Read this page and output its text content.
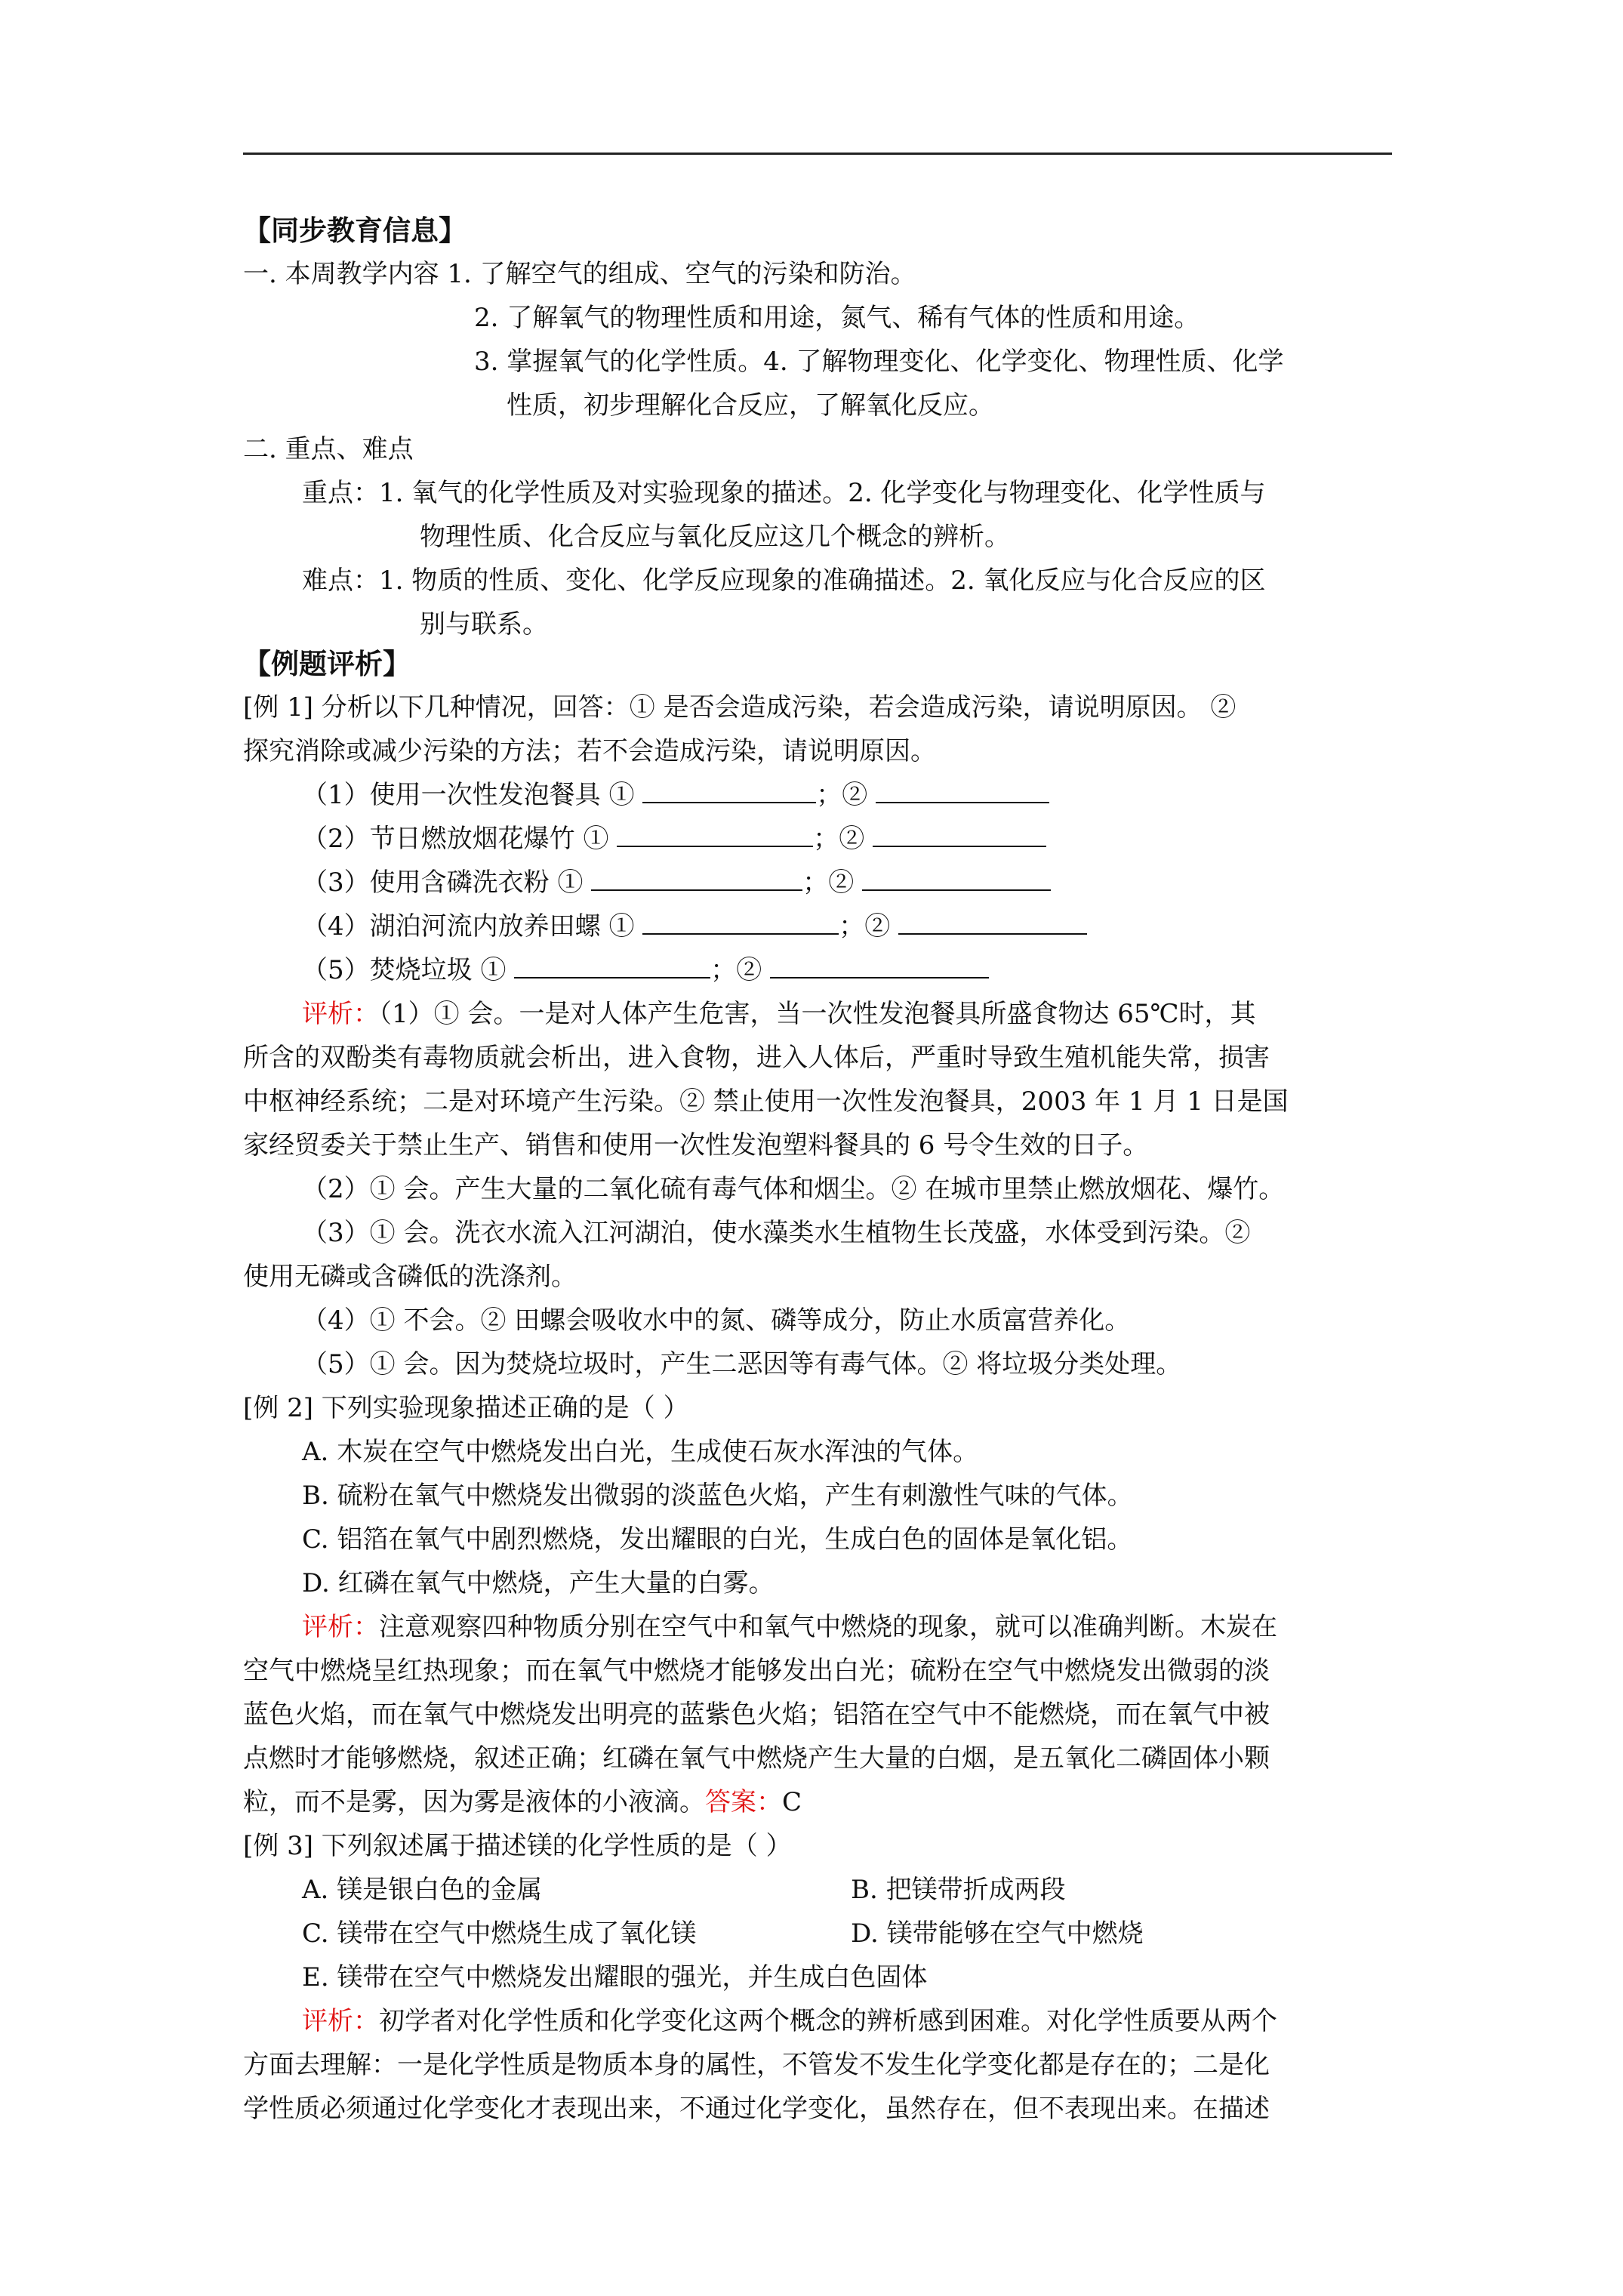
【同步教育信息】
一. 本周教学内容 1. 了解空气的组成、空气的污染和防治。
2. 了解氧气的物理性质和用途，氮气、稀有气体的性质和用途。
3. 掌握氧气的化学性质。4. 了解物理变化、化学变化、物理性质、化学
性质，初步理解化合反应，了解氧化反应。
二. 重点、难点
重点：1. 氧气的化学性质及对实验现象的描述。2. 化学变化与物理变化、化学性质与
物理性质、化合反应与氧化反应这几个概念的辨析。
难点：1. 物质的性质、变化、化学反应现象的准确描述。2. 氧化反应与化合反应的区
别与联系。
【例题评析】
[例 1] 分析以下几种情况，回答：① 是否会造成污染，若会造成污染，请说明原因。 ②
探究消除或减少污染的方法；若不会造成污染，请说明原因。
（1）使用一次性发泡餐具 ①	；②
（2）节日燃放烟花爆竹 ①	；②
（3）使用含磷洗衣粉 ①	；②
（4）湖泊河流内放养田螺 ①	；②
（5）焚烧垃圾 ①	；②
评析：（1）① 会。一是对人体产生危害，当一次性发泡餐具所盛食物达 65℃时，其
所含的双酚类有毒物质就会析出，进入食物，进入人体后，严重时导致生殖机能失常，损害
中枢神经系统；二是对环境产生污染。② 禁止使用一次性发泡餐具，2003 年 1 月 1 日是国
家经贸委关于禁止生产、销售和使用一次性发泡塑料餐具的 6 号令生效的日子。
（2）① 会。产生大量的二氧化硫有毒气体和烟尘。② 在城市里禁止燃放烟花、爆竹。
（3）① 会。洗衣水流入江河湖泊，使水藻类水生植物生长茂盛，水体受到污染。②
使用无磷或含磷低的洗涤剂。
（4）① 不会。② 田螺会吸收水中的氮、磷等成分，防止水质富营养化。
（5）① 会。因为焚烧垃圾时，产生二恶因等有毒气体。② 将垃圾分类处理。
[例 2] 下列实验现象描述正确的是（ ）
A. 木炭在空气中燃烧发出白光，生成使石灰水浑浊的气体。
B. 硫粉在氧气中燃烧发出微弱的淡蓝色火焰，产生有刺激性气味的气体。
C. 铝箔在氧气中剧烈燃烧，发出耀眼的白光，生成白色的固体是氧化铝。
D. 红磷在氧气中燃烧，产生大量的白雾。
评析：注意观察四种物质分别在空气中和氧气中燃烧的现象，就可以准确判断。木炭在
空气中燃烧呈红热现象；而在氧气中燃烧才能够发出白光；硫粉在空气中燃烧发出微弱的淡
蓝色火焰，而在氧气中燃烧发出明亮的蓝紫色火焰；铝箔在空气中不能燃烧，而在氧气中被
点燃时才能够燃烧，叙述正确；红磷在氧气中燃烧产生大量的白烟，是五氧化二磷固体小颗
粒，而不是雾，因为雾是液体的小液滴。答案：C
[例 3] 下列叙述属于描述镁的化学性质的是（ ）
A. 镁是银白色的金属	B. 把镁带折成两段
C. 镁带在空气中燃烧生成了氧化镁	D. 镁带能够在空气中燃烧
E. 镁带在空气中燃烧发出耀眼的强光，并生成白色固体
评析：初学者对化学性质和化学变化这两个概念的辨析感到困难。对化学性质要从两个
方面去理解：一是化学性质是物质本身的属性，不管发不发生化学变化都是存在的；二是化
学性质必须通过化学变化才表现出来，不通过化学变化，虽然存在，但不表现出来。在描述
